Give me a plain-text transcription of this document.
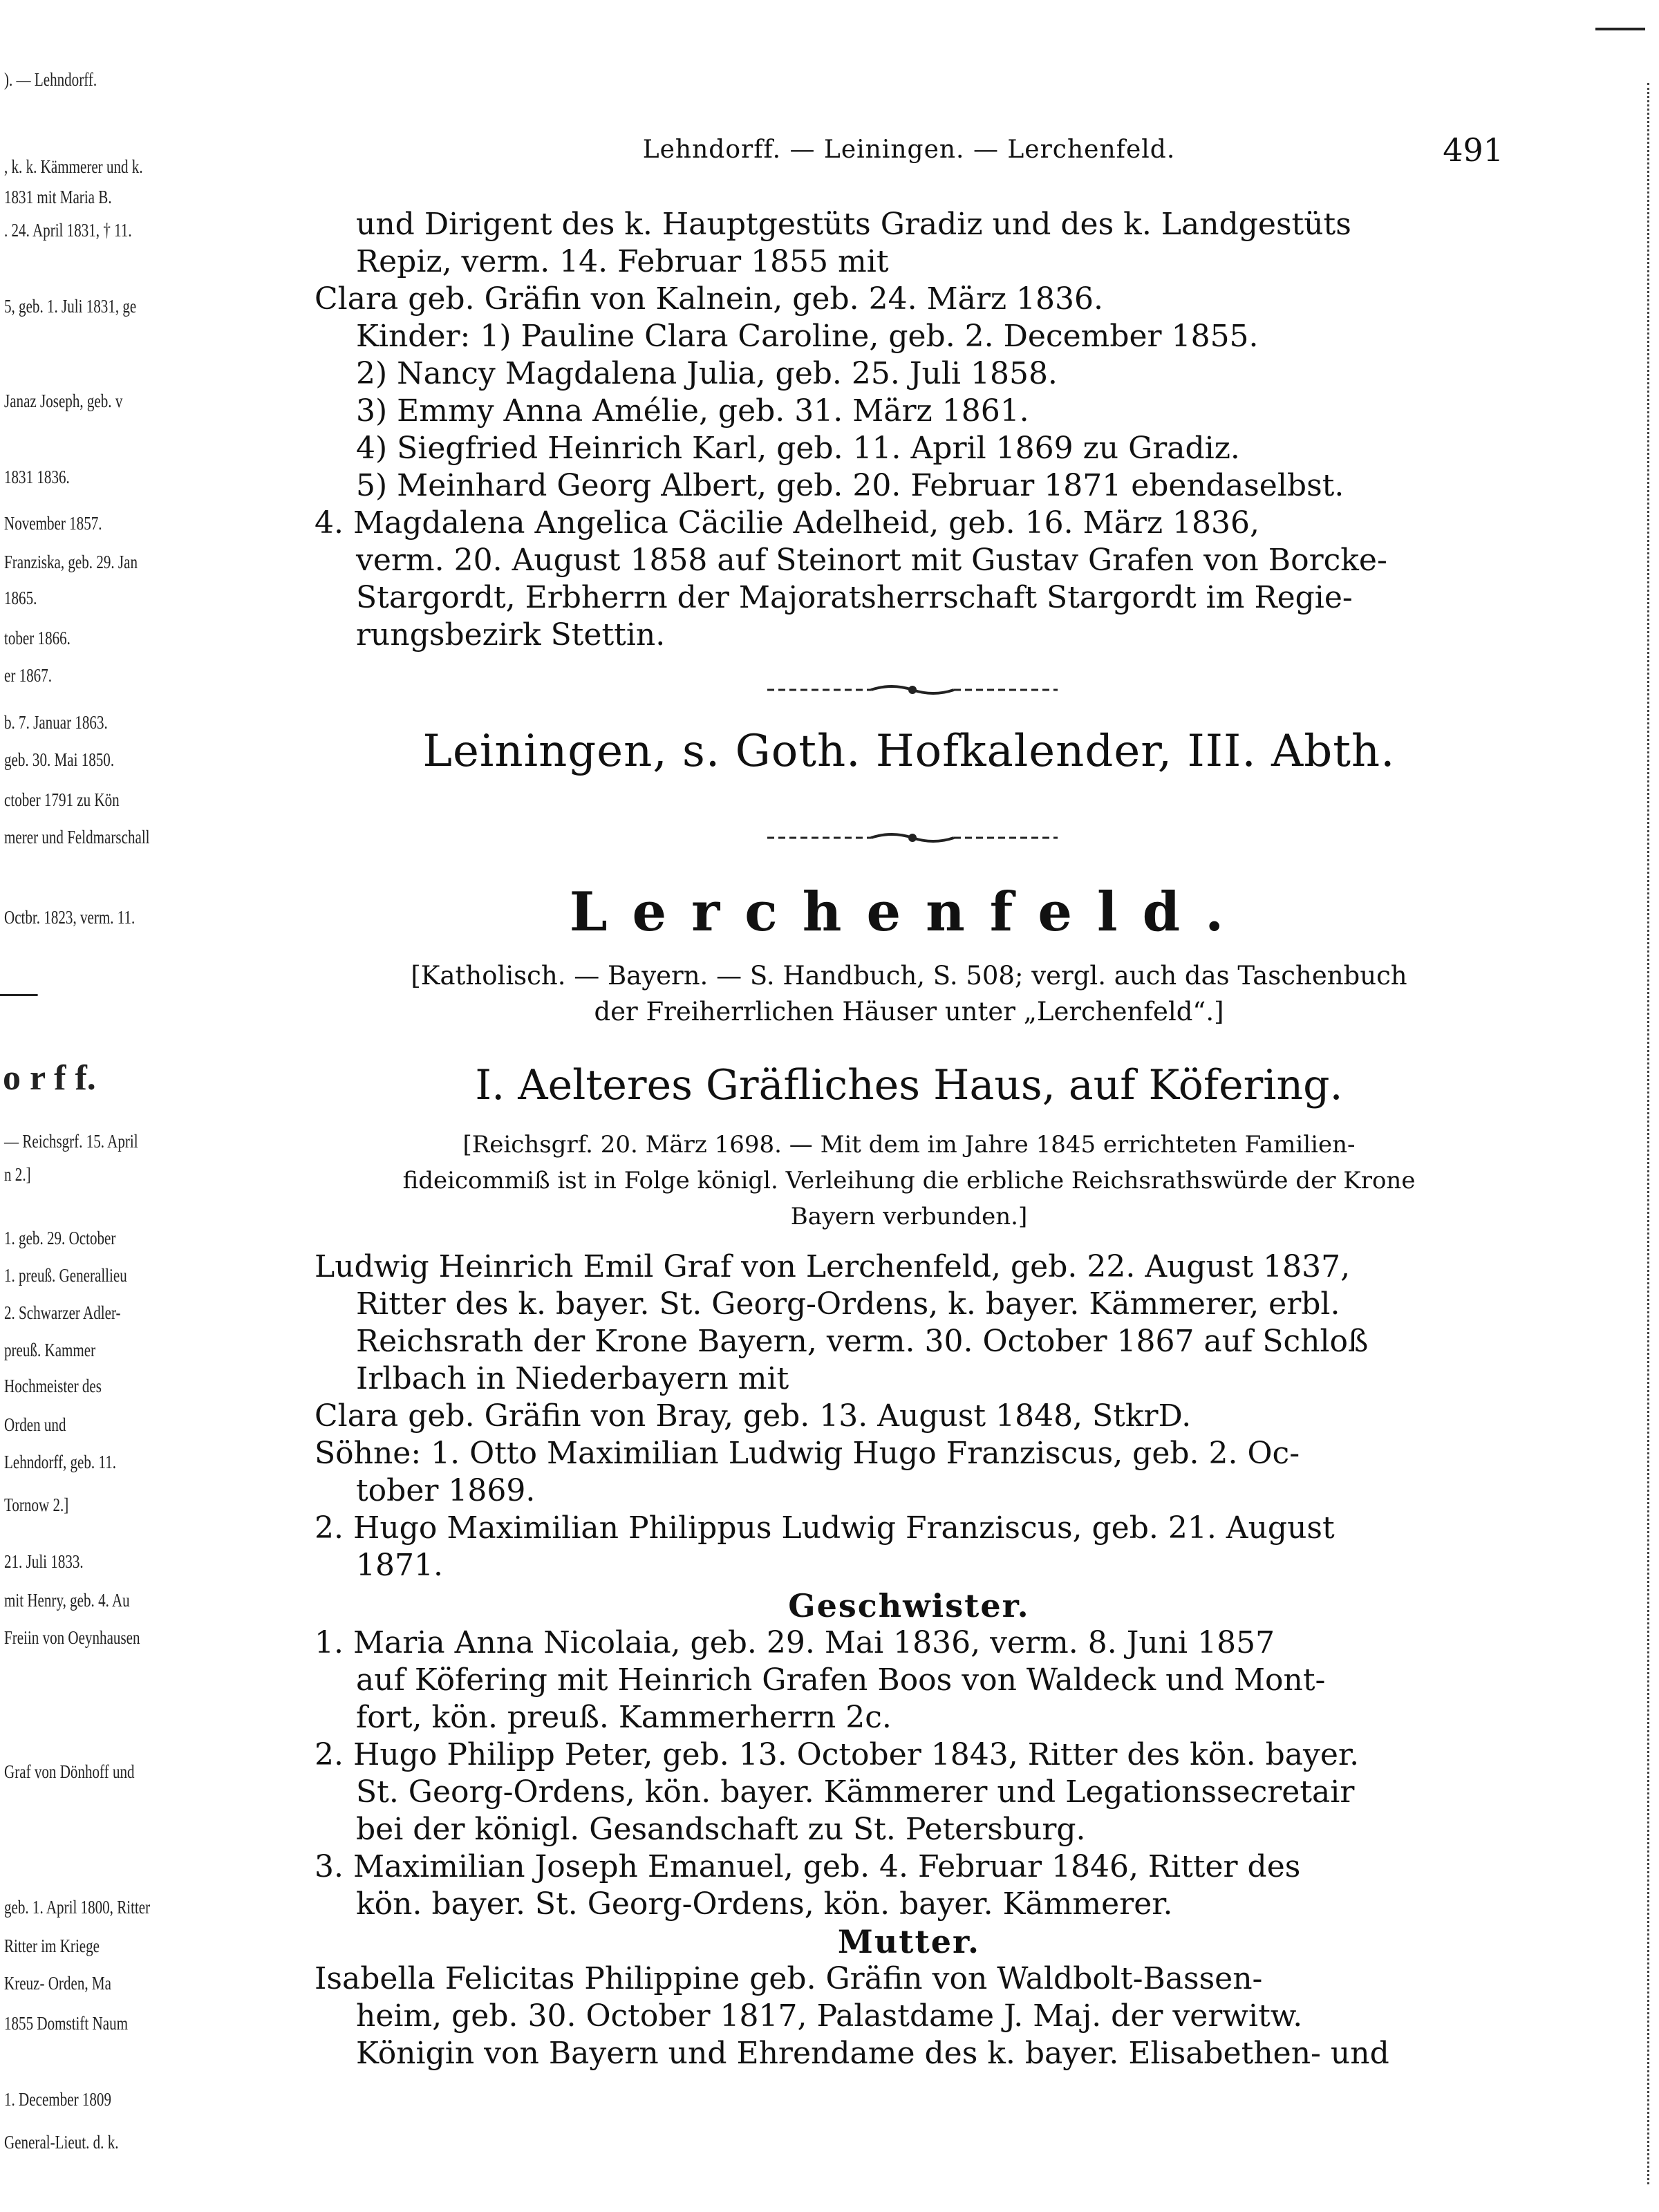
). — Lehndorff.
, k. k. Kämmerer und k.
1831 mit Maria B.
. 24. April 1831, † 11.
5, geb. 1. Juli 1831, ge
Janaz Joseph, geb. v
1831 1836.
November 1857.
Franziska, geb. 29. Jan
1865.
tober 1866.
er 1867.
b. 7. Januar 1863.
geb. 30. Mai 1850.
ctober 1791 zu Kön
merer und Feldmarschall
Octbr. 1823, verm. 11.
o r f f.
— Reichsgrf. 15. April
n 2.]
1. geb. 29. October
1. preuß. Generallieu
2. Schwarzer Adler-
preuß. Kammer
Hochmeister des
Orden und
Lehndorff, geb. 11.
Tornow 2.]
21. Juli 1833.
mit Henry, geb. 4. Au
Freiin von Oeynhausen
Graf von Dönhoff und
geb. 1. April 1800, Ritter
Ritter im Kriege
Kreuz- Orden, Ma
1855 Domstift Naum
1. December 1809
General-Lieut. d. k.
Lehndorff. — Leiningen. — Lerchenfeld.	491
und Dirigent des k. Hauptgestüts Gradiz und des k. Landgestüts
Repiz, verm. 14. Februar 1855 mit
Clara geb. Gräfin von Kalnein, geb. 24. März 1836.
Kinder: 1) Pauline Clara Caroline, geb. 2. December 1855.
2) Nancy Magdalena Julia, geb. 25. Juli 1858.
3) Emmy Anna Amélie, geb. 31. März 1861.
4) Siegfried Heinrich Karl, geb. 11. April 1869 zu Gradiz.
5) Meinhard Georg Albert, geb. 20. Februar 1871 ebendaselbst.
4. Magdalena Angelica Cäcilie Adelheid, geb. 16. März 1836,
verm. 20. August 1858 auf Steinort mit Gustav Grafen von Borcke-
Stargordt, Erbherrn der Majoratsherrschaft Stargordt im Regie-
rungsbezirk Stettin.
Leiningen, s. Goth. Hofkalender, III. Abth.
Lerchenfeld.
[Katholisch. — Bayern. — S. Handbuch, S. 508; vergl. auch das Taschenbuch
der Freiherrlichen Häuser unter „Lerchenfeld“.]
I. Aelteres Gräfliches Haus, auf Köfering.
[Reichsgrf. 20. März 1698. — Mit dem im Jahre 1845 errichteten Familien-
fideicommiß ist in Folge königl. Verleihung die erbliche Reichsrathswürde der Krone
Bayern verbunden.]
Ludwig Heinrich Emil Graf von Lerchenfeld, geb. 22. August 1837,
Ritter des k. bayer. St. Georg-Ordens, k. bayer. Kämmerer, erbl.
Reichsrath der Krone Bayern, verm. 30. October 1867 auf Schloß
Irlbach in Niederbayern mit
Clara geb. Gräfin von Bray, geb. 13. August 1848, StkrD.
Söhne: 1. Otto Maximilian Ludwig Hugo Franziscus, geb. 2. Oc-
tober 1869.
2. Hugo Maximilian Philippus Ludwig Franziscus, geb. 21. August
1871.
Geschwister.
1. Maria Anna Nicolaia, geb. 29. Mai 1836, verm. 8. Juni 1857
auf Köfering mit Heinrich Grafen Boos von Waldeck und Mont-
fort, kön. preuß. Kammerherrn 2c.
2. Hugo Philipp Peter, geb. 13. October 1843, Ritter des kön. bayer.
St. Georg-Ordens, kön. bayer. Kämmerer und Legationssecretair
bei der königl. Gesandschaft zu St. Petersburg.
3. Maximilian Joseph Emanuel, geb. 4. Februar 1846, Ritter des
kön. bayer. St. Georg-Ordens, kön. bayer. Kämmerer.
Mutter.
Isabella Felicitas Philippine geb. Gräfin von Waldbolt-Bassen-
heim, geb. 30. October 1817, Palastdame J. Maj. der verwitw.
Königin von Bayern und Ehrendame des k. bayer. Elisabethen- und
